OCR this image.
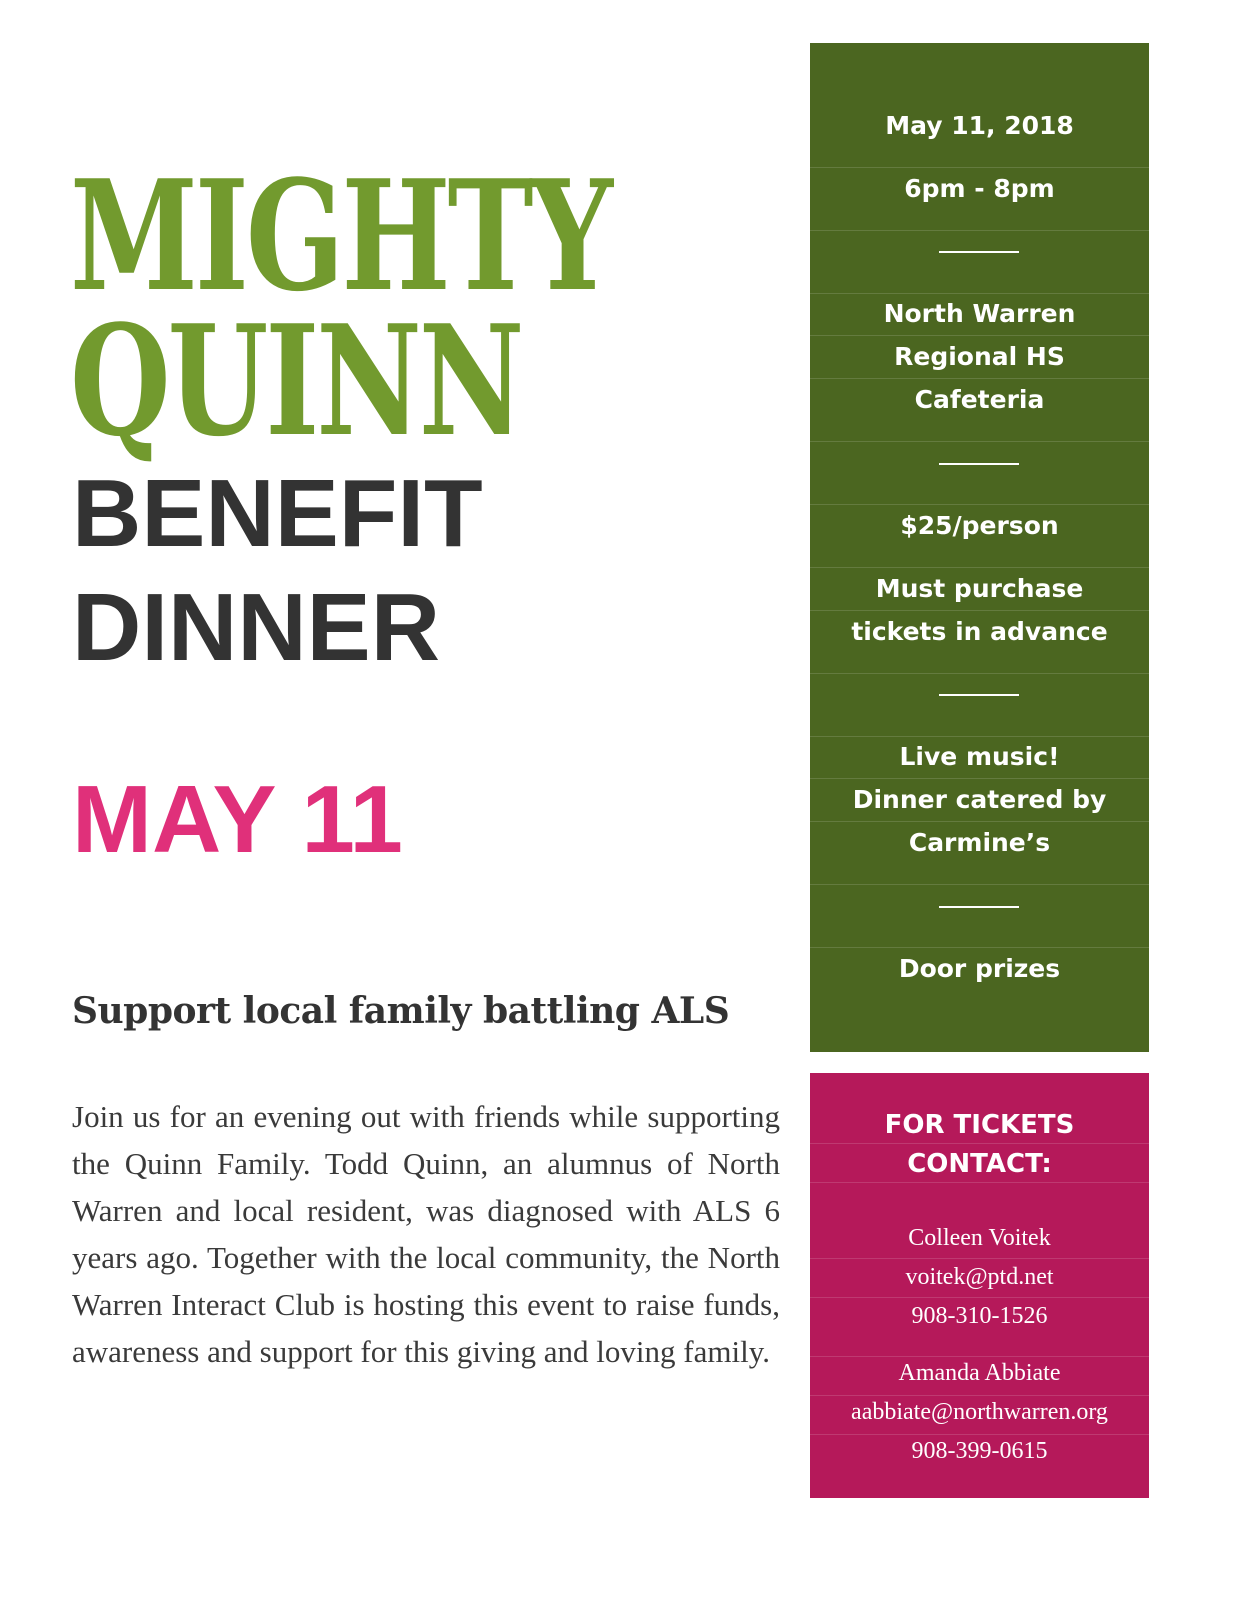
MIGHTY
QUINN
BENEFIT
DINNER
MAY 11
Support local family battling ALS

Join us for an evening out with friends while supporting the Quinn Family. Todd Quinn, an alumnus of North Warren and local resident, was diagnosed with ALS 6 years ago. Together with the local community, the North Warren Interact Club is hosting this event to raise funds, awareness and support for this giving and loving family.

May 11, 2018
6pm - 8pm
North Warren
Regional HS
Cafeteria
$25/person
Must purchase
tickets in advance
Live music!
Dinner catered by
Carmine’s
Door prizes
FOR TICKETS
CONTACT:
Colleen Voitek
voitek@ptd.net
908-310-1526
Amanda Abbiate
aabbiate@northwarren.org
908-399-0615
